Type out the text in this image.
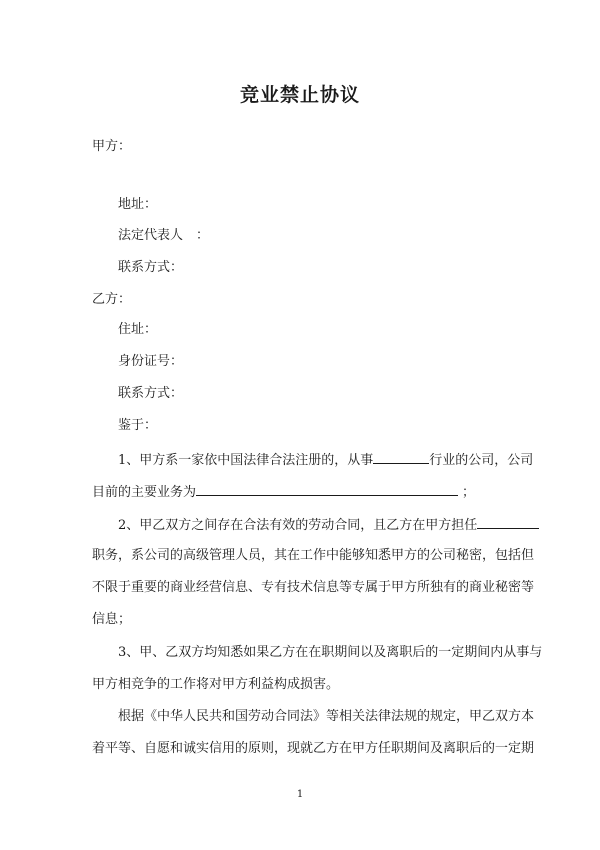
竞业禁止协议
甲方：
地址：
法定代表人　：
联系方式：
乙方：
住址：
身份证号：
联系方式：
鉴于：
1、甲方系一家依中国法律合法注册的，从事	行业的公司，公司
目前的主要业务为	；
2、甲乙双方之间存在合法有效的劳动合同，且乙方在甲方担任
职务，系公司的高级管理人员，其在工作中能够知悉甲方的公司秘密，包括但
不限于重要的商业经营信息、专有技术信息等专属于甲方所独有的商业秘密等
信息；
3、甲、乙双方均知悉如果乙方在在职期间以及离职后的一定期间内从事与
甲方相竞争的工作将对甲方利益构成损害。
根据《中华人民共和国劳动合同法》等相关法律法规的规定，甲乙双方本
着平等、自愿和诚实信用的原则，现就乙方在甲方任职期间及离职后的一定期
1
